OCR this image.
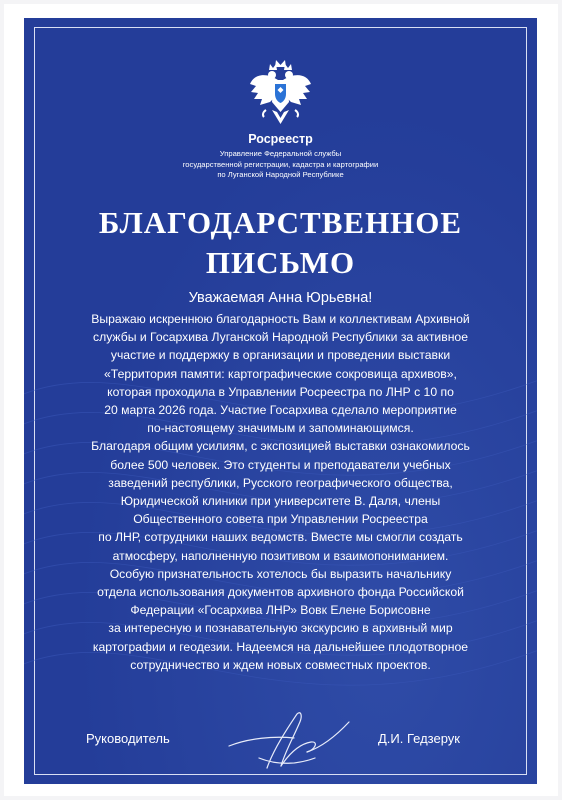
Росреестр
Управление Федеральной службы
государственной регистрации, кадастра и картографии
по Луганской Народной Республике
БЛАГОДАРСТВЕННОЕ
ПИСЬМО
Уважаемая Анна Юрьевна!
Выражаю искреннюю благодарность Вам и коллективам Архивной
службы и Госархива Луганской Народной Республики за активное
участие и поддержку в организации и проведении выставки
«Территория памяти: картографические сокровища архивов»,
которая проходила в Управлении Росреестра по ЛНР с 10 по
20 марта 2026 года. Участие Госархива сделало мероприятие
по-настоящему значимым и запоминающимся.
Благодаря общим усилиям, с экспозицией выставки ознакомилось
более 500 человек. Это студенты и преподаватели учебных
заведений республики, Русского географического общества,
Юридической клиники при университете В. Даля, члены
Общественного совета при Управлении Росреестра
по ЛНР, сотрудники наших ведомств. Вместе мы смогли создать
атмосферу, наполненную позитивом и взаимопониманием.
Особую признательность хотелось бы выразить начальнику
отдела использования документов архивного фонда Российской
Федерации «Госархива ЛНР» Вовк Елене Борисовне
за интересную и познавательную экскурсию в архивный мир
картографии и геодезии. Надеемся на дальнейшее плодотворное
сотрудничество и ждем новых совместных проектов.
Руководитель	Д.И. Гедзерук
